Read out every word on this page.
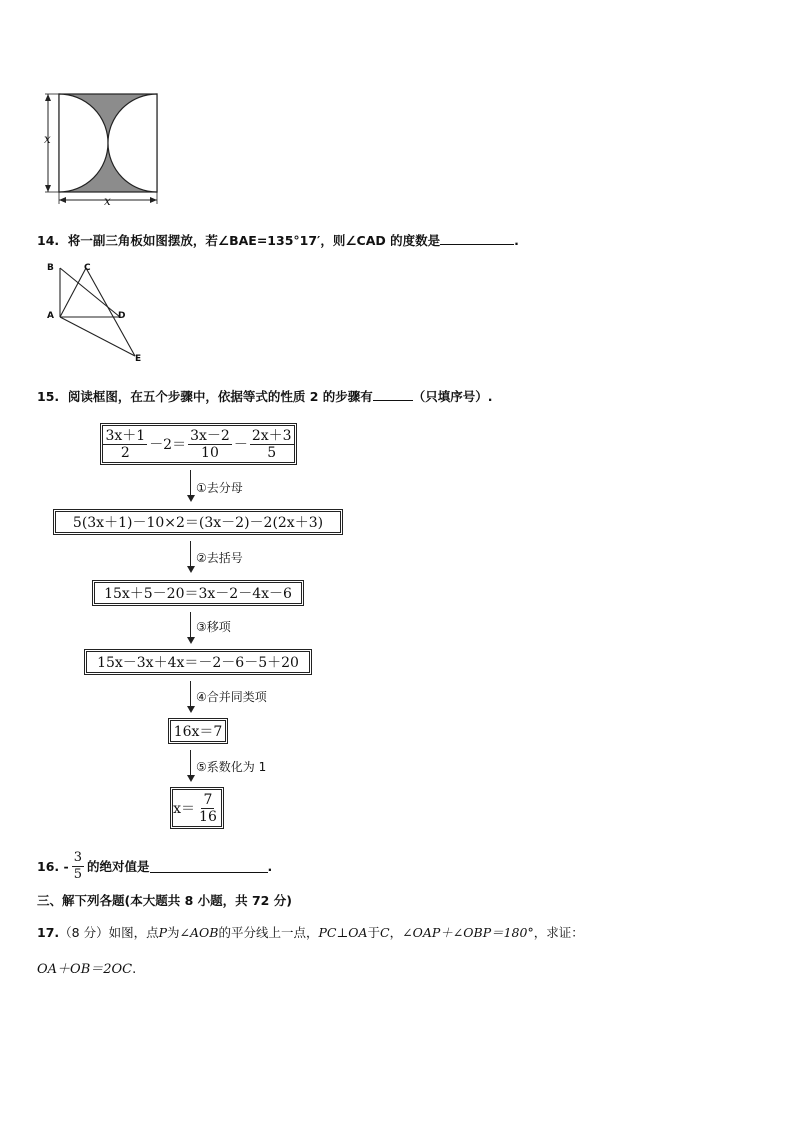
x
x
14. 将一副三角板如图摆放，若∠BAE=135°17′，则∠CAD 的度数是	.
B	C
A	D
E
15. 阅读框图，在五个步骤中，依据等式的性质 2 的步骤有	（只填序号）.
$\frac{3x+1}{2} -2= \frac{3x-2}{10} - \frac{2x+3}{5}$
①去分母
5(3x＋1)－10×2＝(3x－2)－2(2x＋3)
②去括号
15x＋5－20＝3x－2－4x－6
③移项
15x－3x＋4x＝－2－6－5＋20
④合并同类项
16x＝7
⑤系数化为 1
$x= \frac{7}{16}$
16.
- $\frac{3}{5}$ 的绝对值是	.
三、解下列各题(本大题共 8 小题，共 72 分)
17.（8 分）如图，点P为∠AOB的平分线上一点，PC⊥OA于C，∠OAP＋∠OBP＝180°，求证：
OA＋OB＝2OC.
